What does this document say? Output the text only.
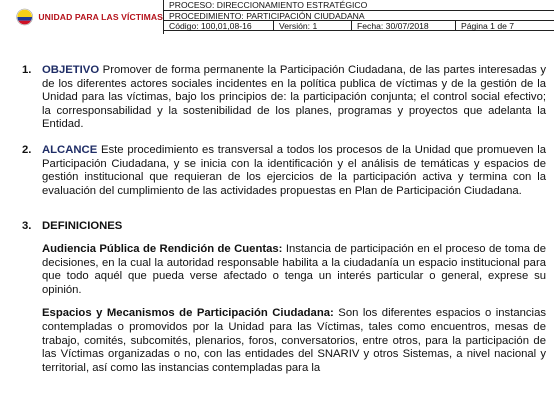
UNIDAD PARA LAS VÍCTIMAS
PROCESO: DIRECCIONAMIENTO ESTRATÉGICO
PROCEDIMIENTO: PARTICIPACIÓN CIUDADANA
Código: 100,01,08-16	Versión: 1	Fecha: 30/07/2018	Página 1 de 7
1. OBJETIVO Promover de forma permanente la Participación Ciudadana, de las partes interesadas y de los diferentes actores sociales incidentes en la política publica de víctimas y de la gestión de la Unidad para las víctimas, bajo los principios de: la participación conjunta; el control social efectivo; la corresponsabilidad y la sostenibilidad de los planes, programas y proyectos que adelanta la Entidad.
2. ALCANCE Este procedimiento es transversal a todos los procesos de la Unidad que promueven la Participación Ciudadana, y se inicia con la identificación y el análisis de temáticas y espacios de gestión institucional que requieran de los ejercicios de la participación activa y termina con la evaluación del cumplimiento de las actividades propuestas en Plan de Participación Ciudadana.
3. DEFINICIONES
Audiencia Pública de Rendición de Cuentas: Instancia de participación en el proceso de toma de decisiones, en la cual la autoridad responsable habilita a la ciudadanía un espacio institucional para que todo aquél que pueda verse afectado o tenga un interés particular o general, exprese su opinión.
Espacios y Mecanismos de Participación Ciudadana: Son los diferentes espacios o instancias contempladas o promovidos por la Unidad para las Víctimas, tales como encuentros, mesas de trabajo, comités, subcomités, plenarios, foros, conversatorios, entre otros, para la participación de las Víctimas organizadas o no, con las entidades del SNARIV y otros Sistemas, a nivel nacional y territorial, así como las instancias contempladas para la
